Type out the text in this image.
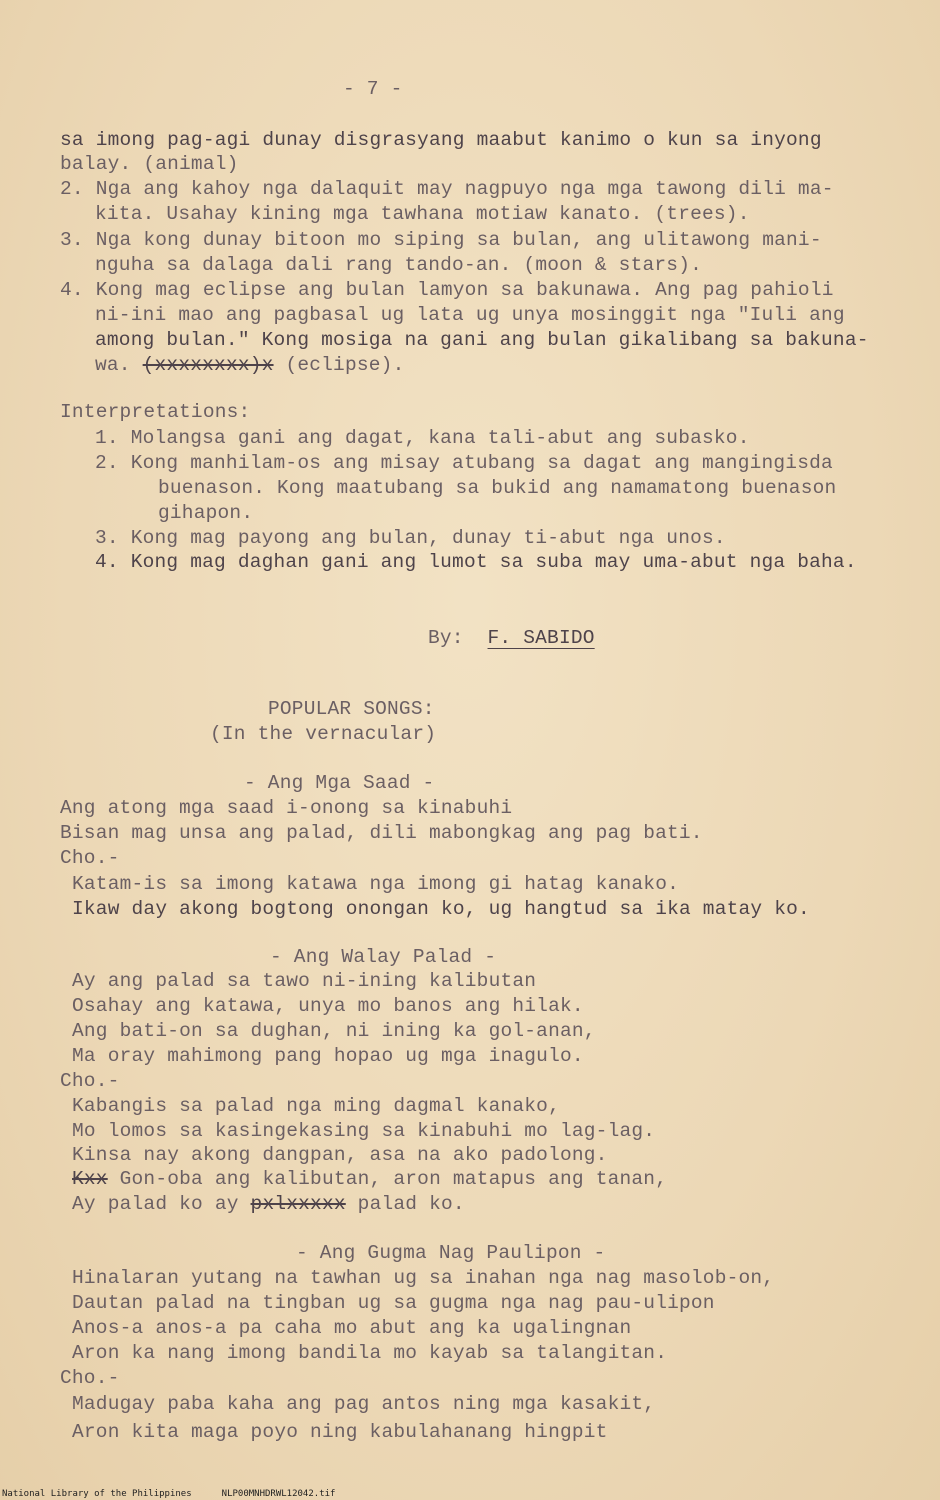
- 7 -
sa imong pag-agi dunay disgrasyang maabut kanimo o kun sa inyong
balay. (animal)
2. Nga ang kahoy nga dalaquit may nagpuyo nga mga tawong dili ma-
kita. Usahay kining mga tawhana motiaw kanato. (trees).
3. Nga kong dunay bitoon mo siping sa bulan, ang ulitawong mani-
nguha sa dalaga dali rang tando-an. (moon & stars).
4. Kong mag eclipse ang bulan lamyon sa bakunawa. Ang pag pahioli
ni-ini mao ang pagbasal ug lata ug unya mosinggit nga "Iuli ang
among bulan." Kong mosiga na gani ang bulan gikalibang sa bakuna-
wa. (xxxxxxxx)x (eclipse).
Interpretations:
1. Molangsa gani ang dagat, kana tali-abut ang subasko.
2. Kong manhilam-os ang misay atubang sa dagat ang mangingisda
buenason. Kong maatubang sa bukid ang namamatong buenason
gihapon.
3. Kong mag payong ang bulan, dunay ti-abut nga unos.
4. Kong mag daghan gani ang lumot sa suba may uma-abut nga baha.
By: F. SABIDO
POPULAR SONGS:
(In the vernacular)
- Ang Mga Saad -
Ang atong mga saad i-onong sa kinabuhi
Bisan mag unsa ang palad, dili mabongkag ang pag bati.
Cho.-
Katam-is sa imong katawa nga imong gi hatag kanako.
Ikaw day akong bogtong onongan ko, ug hangtud sa ika matay ko.
- Ang Walay Palad -
Ay ang palad sa tawo ni-ining kalibutan
Osahay ang katawa, unya mo banos ang hilak.
Ang bati-on sa dughan, ni ining ka gol-anan,
Ma oray mahimong pang hopao ug mga inagulo.
Cho.-
Kabangis sa palad nga ming dagmal kanako,
Mo lomos sa kasingekasing sa kinabuhi mo lag-lag.
Kinsa nay akong dangpan, asa na ako padolong.
Kxx Gon-oba ang kalibutan, aron matapus ang tanan,
Ay palad ko ay pxlxxxxx palad ko.
- Ang Gugma Nag Paulipon -
Hinalaran yutang na tawhan ug sa inahan nga nag masolob-on,
Dautan palad na tingban ug sa gugma nga nag pau-ulipon
Anos-a anos-a pa caha mo abut ang ka ugalingnan
Aron ka nang imong bandila mo kayab sa talangitan.
Cho.-
Madugay paba kaha ang pag antos ning mga kasakit,
Aron kita maga poyo ning kabulahanang hingpit
National Library of the Philippines	NLP00MNHDRWL12042.tif
